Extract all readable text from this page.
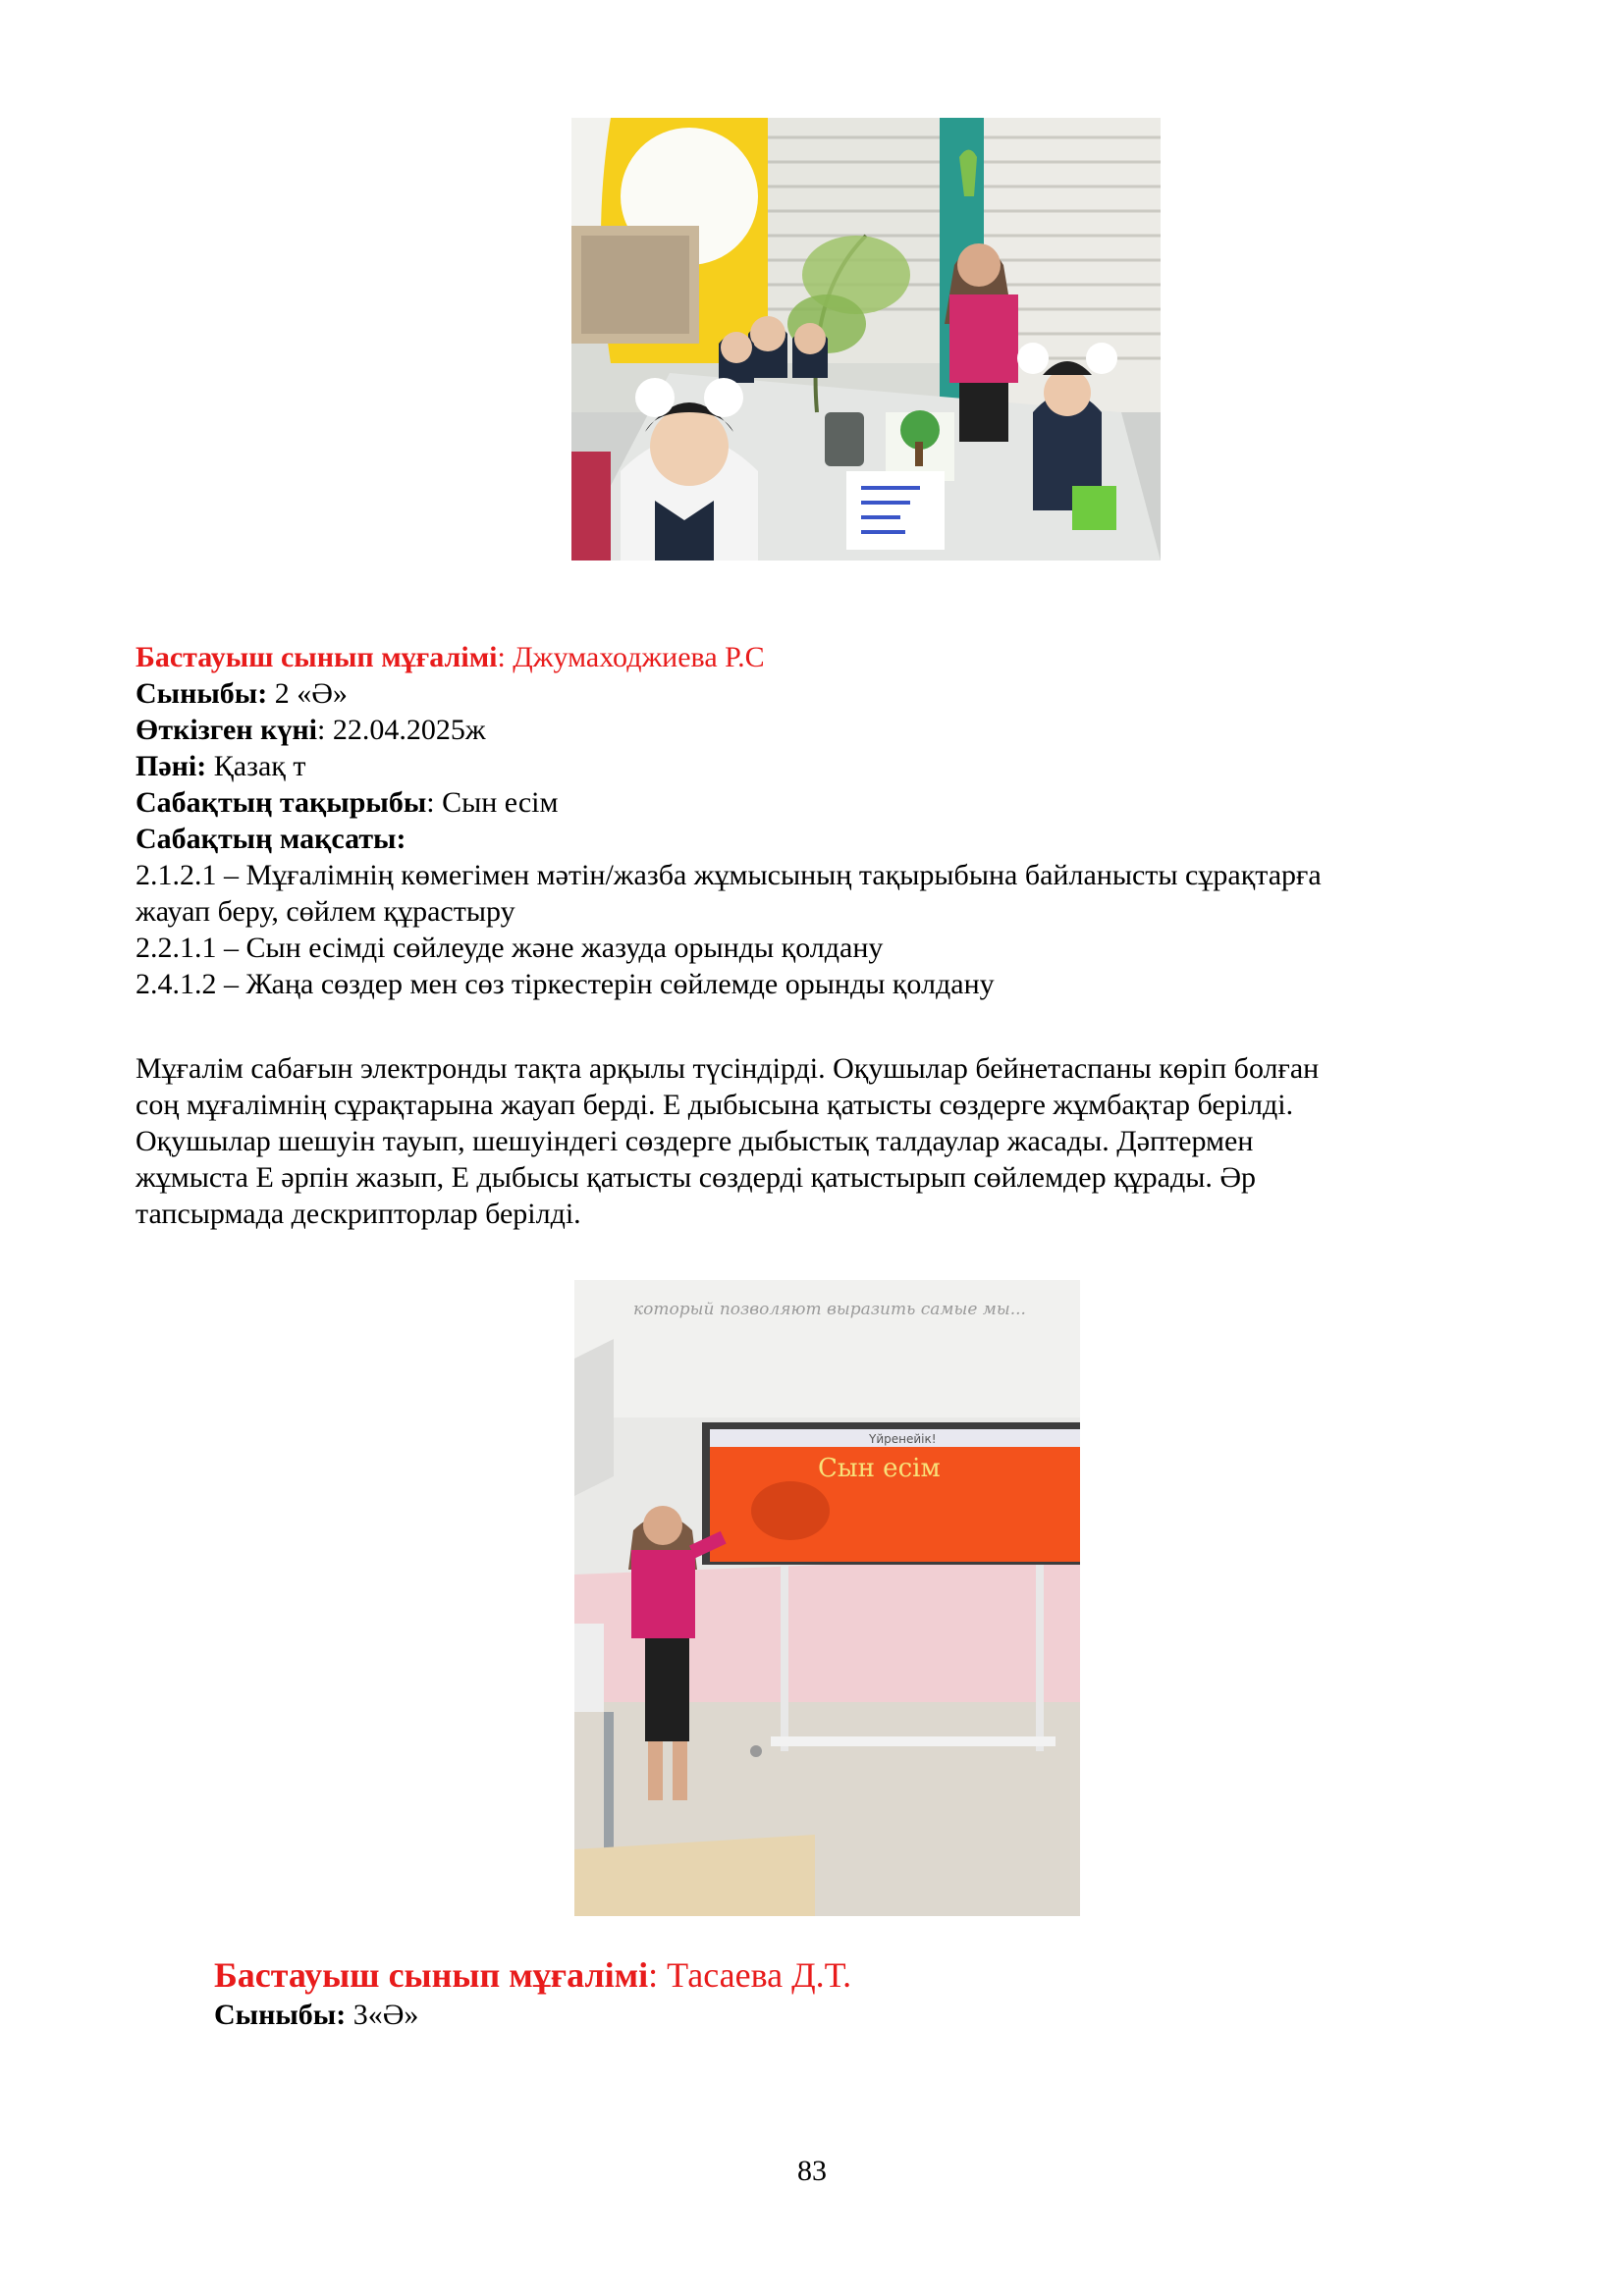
Бастауыш сынып мұғалімі: Джумаходжиева Р.С
Сыныбы: 2 «Ә»
Өткізген күні: 22.04.2025ж
Пәні: Қазақ т
Сабақтың тақырыбы: Сын есім
Сабақтың мақсаты:
2.1.2.1 – Мұғалімнің көмегімен мәтін/жазба жұмысының тақырыбына байланысты сұрақтарға
жауап беру, сөйлем құрастыру
2.2.1.1 – Сын есімді сөйлеуде және жазуда орынды қолдану
2.4.1.2 – Жаңа сөздер мен сөз тіркестерін сөйлемде орынды қолдану
Мұғалім сабағын электронды тақта арқылы түсіндірді. Оқушылар бейнетаспаны көріп болған
соң мұғалімнің сұрақтарына жауап берді. Е дыбысына қатысты сөздерге жұмбақтар берілді.
Оқушылар шешуін тауып, шешуіндегі сөздерге дыбыстық талдаулар жасады. Дәптермен
жұмыста Е әрпін жазып, Е дыбысы қатысты сөздерді қатыстырып сөйлемдер құрады. Әр
тапсырмада дескрипторлар берілді.
который позволяют выразить самые мы...
Үйренейік!
Сын есім
Бастауыш сынып мұғалімі: Тасаева Д.Т.
Сыныбы: 3«Ә»
83
